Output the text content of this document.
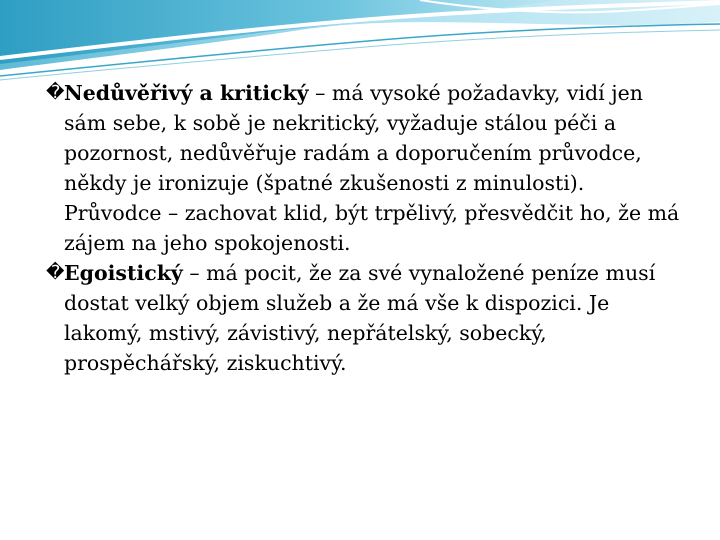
� Nedůvěřivý a kritický – má vysoké požadavky, vidí jen sám sebe, k sobě je nekritický, vyžaduje stálou péči a pozornost, nedůvěřuje radám a doporučením průvodce, někdy je ironizuje (špatné zkušenosti z minulosti). Průvodce – zachovat klid, být trpělivý, přesvědčit ho, že má zájem na jeho spokojenosti.

� Egoistický – má pocit, že za své vynaložené peníze musí dostat velký objem služeb a že má vše k dispozici. Je lakomý, mstivý, závistivý, nepřátelský, sobecký, prospěchářský, ziskuchtivý.
